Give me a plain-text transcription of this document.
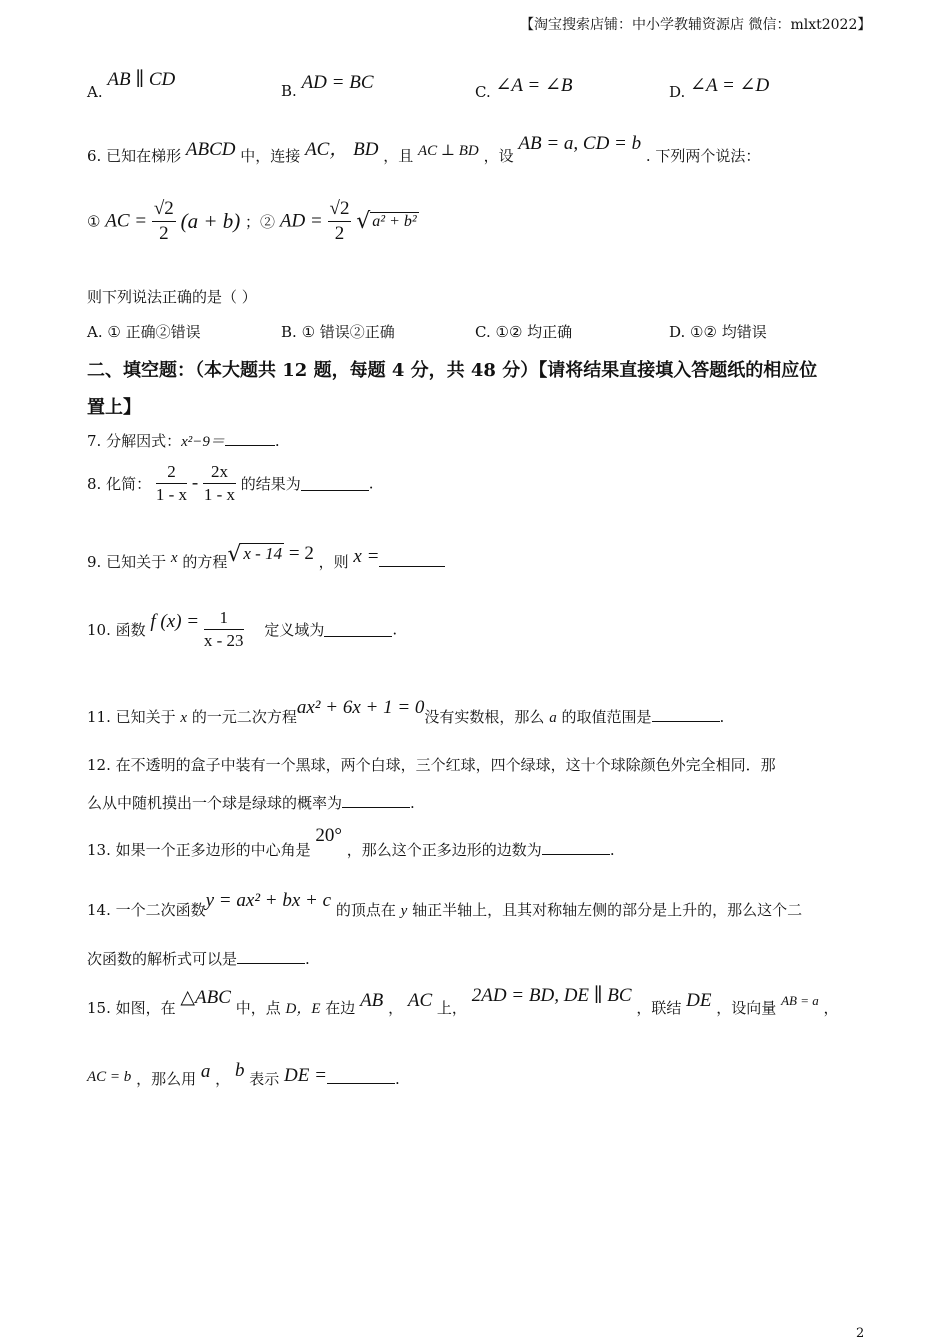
【淘宝搜索店铺：中小学教辅资源店 微信：mlxt2022】
A. AB ∥ CD
B. AD = BC	C. ∠A = ∠B	D. ∠A = ∠D
6. 已知在梯形 ABCD 中，连接 AC， BD ，且 AC ⊥ BD ，设 AB = a, CD = b . 下列两个说法：
① AC = $\frac{√2}{2} (a + b)$ ；② AD = $\frac{√2}{2}$ √ a² + b²
则下列说法正确的是（ ）
A. ① 正确②错误	B. ① 错误②正确	C. ①② 均正确	D. ①② 均错误
二、填空题：（本大题共 12 题，每题 4 分，共 48 分）【请将结果直接填入答题纸的相应位
置上】
7. 分解因式：x²−9＝	.
8. 化简： $\frac{2}{1 - x} - \frac{2x}{1 - x}$ 的结果为	.
9. 已知关于 x 的方程√ x - 14 = 2 ，则 x =
10. 函数 f $(x) = \frac{1}{x - 23}$ 定义域为	.
11. 已知关于 x 的一元二次方程ax² + 6x + 1 = 0没有实数根，那么 a 的取值范围是	.
12. 在不透明的盒子中装有一个黑球，两个白球，三个红球，四个绿球，这十个球除颜色外完全相同．那
么从中随机摸出一个球是绿球的概率为	.
13. 如果一个正多边形的中心角是 20° ，那么这个正多边形的边数为	.
14. 一个二次函数y = ax² + bx + c 的顶点在 y 轴正半轴上，且其对称轴左侧的部分是上升的，那么这个二
次函数的解析式可以是	.
15. 如图，在 △ABC 中，点 D，E 在边 AB ， AC 上， 2AD = BD, DE ∥ BC ，联结 DE ，设向量 AB = a ，
AC = b ，那么用 a ， b 表示 DE =	.
2
